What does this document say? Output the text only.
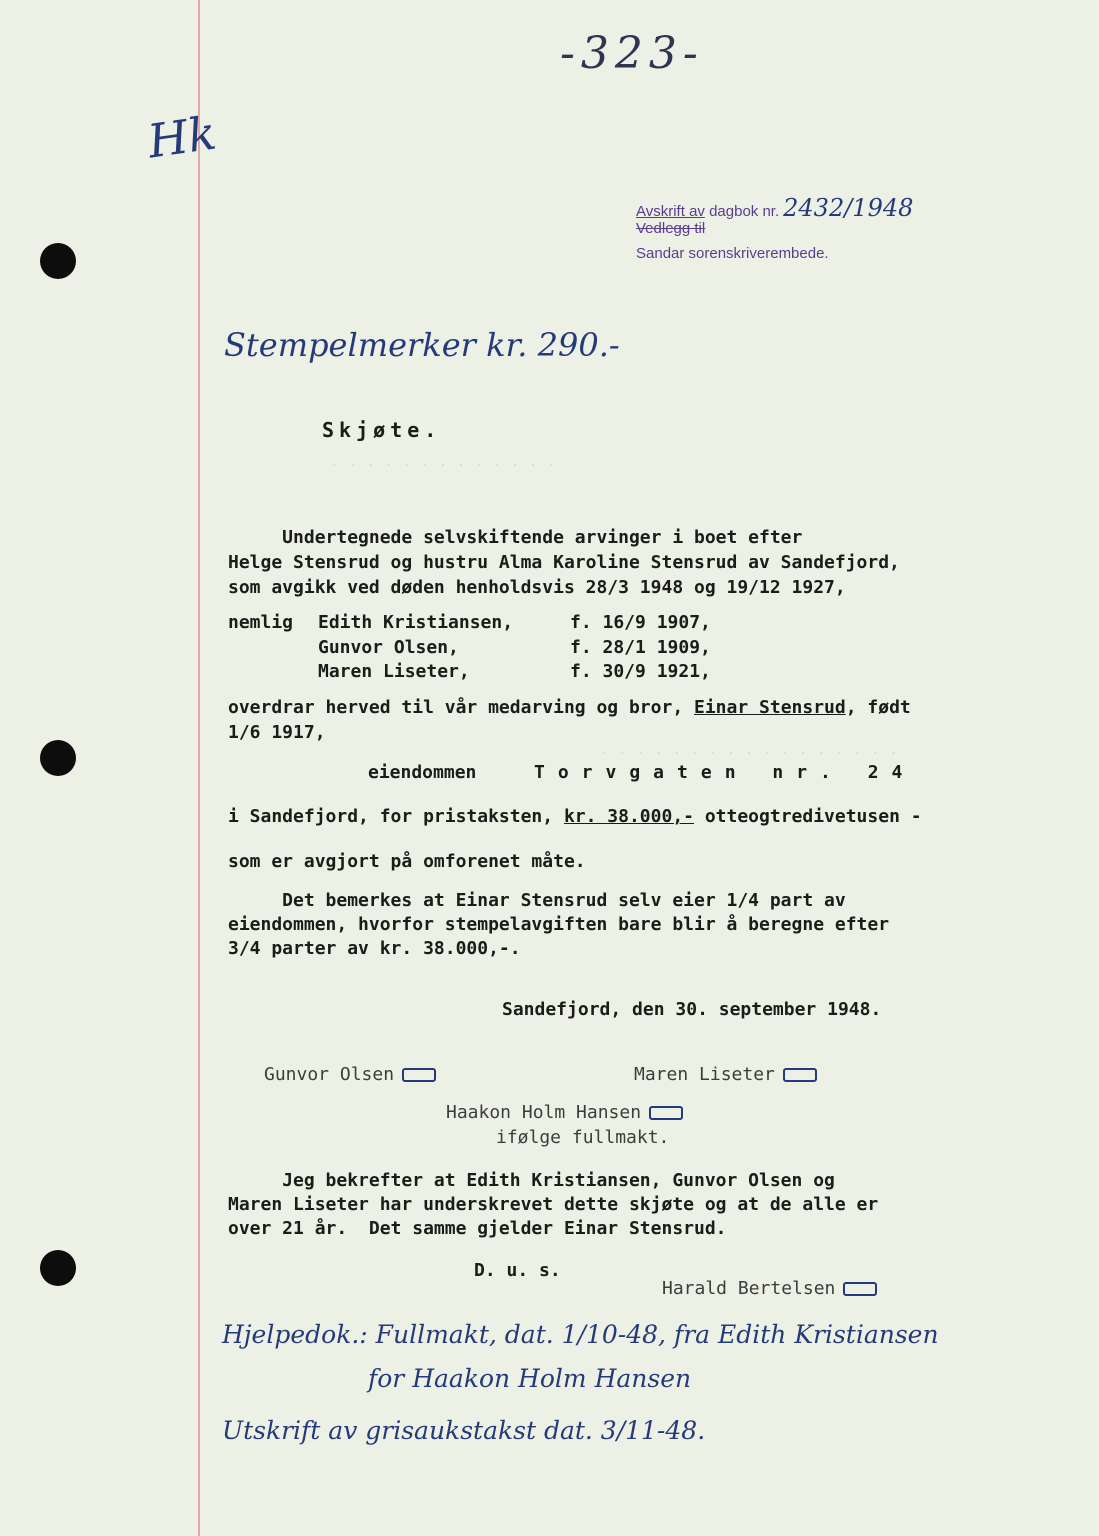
. . . . . . . . . . . . .
. . . . . . . . . . . . . . . . .
-323-
Hk
Avskrift av dagbok nr. 2432/1948
Vedlegg til
Sandar sorenskriverembede.
Stempelmerker kr. 290.-
Skjøte.
Undertegnede selvskiftende arvinger i boet efter
Helge Stensrud og hustru Alma Karoline Stensrud av Sandefjord,
som avgikk ved døden henholdsvis 28/3 1948 og 19/12 1927,
nemlig Edith Kristiansen,	f. 16/9 1907,
Gunvor Olsen,	f. 28/1 1909,
Maren Liseter,	f. 30/9 1921,
overdrar herved til vår medarving og bror, Einar Stensrud, født
1/6 1917,
eiendommen	Torvgaten nr. 24
i Sandefjord, for pristaksten, kr. 38.000,- otteogtredivetusen -
som er avgjort på omforenet måte.
Det bemerkes at Einar Stensrud selv eier 1/4 part av
eiendommen, hvorfor stempelavgiften bare blir å beregne efter
3/4 parter av kr. 38.000,-.
Sandefjord, den 30. september 1948.
Gunvor Olsen	Maren Liseter
Haakon Holm Hansen
ifølge fullmakt.
Jeg bekrefter at Edith Kristiansen, Gunvor Olsen og
Maren Liseter har underskrevet dette skjøte og at de alle er
over 21 år.  Det samme gjelder Einar Stensrud.
D. u. s.
Harald Bertelsen
Hjelpedok.: Fullmakt, dat. 1/10-48, fra Edith Kristiansen
for Haakon Holm Hansen
Utskrift av grisaukstakst dat. 3/11-48.
